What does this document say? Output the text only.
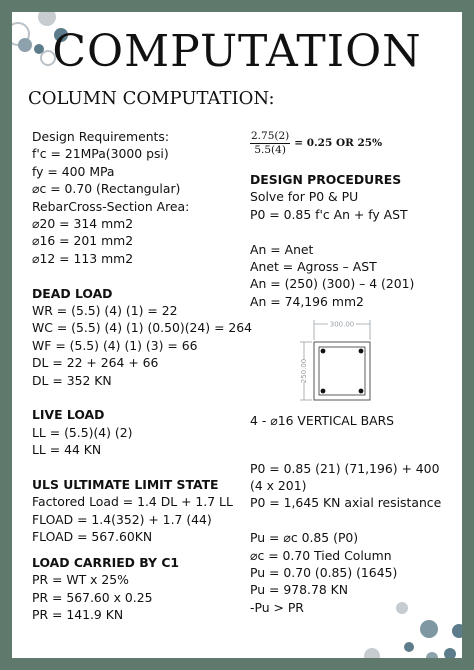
COMPUTATION
COLUMN COMPUTATION:
Design Requirements:
f'c = 21MPa(3000 psi)
fy = 400 MPa
⌀c = 0.70 (Rectangular)
RebarCross-Section Area:
⌀20 = 314 mm2
⌀16 = 201 mm2
⌀12 = 113 mm2
DEAD LOAD
WR = (5.5) (4) (1) = 22
WC = (5.5) (4) (1) (0.50)(24) = 264
WF = (5.5) (4) (1) (3) = 66
DL = 22 + 264 + 66
DL = 352 KN
LIVE LOAD
LL = (5.5)(4) (2)
LL = 44 KN
ULS ULTIMATE LIMIT STATE
Factored Load = 1.4 DL + 1.7 LL
FLOAD = 1.4(352) + 1.7 (44)
FLOAD = 567.60KN
LOAD CARRIED BY C1
PR = WT x 25%
PR = 567.60 x 0.25
PR = 141.9 KN
$\frac{2.75(2)}{5.5(4)} = 0.25$ OR 25%
DESIGN PROCEDURES
Solve for P0 & PU
P0 = 0.85 f'c An + fy AST
An = Anet
Anet = Agross – AST
An = (250) (300) – 4 (201)
An = 74,196 mm2
300.00
250.00
4 - ⌀16 VERTICAL BARS
P0 = 0.85 (21) (71,196) + 400 (4 x 201)
P0 = 1,645 KN axial resistance
Pu = ⌀c 0.85 (P0)
⌀c = 0.70 Tied Column
Pu = 0.70 (0.85) (1645)
Pu = 978.78 KN
-Pu > PR
